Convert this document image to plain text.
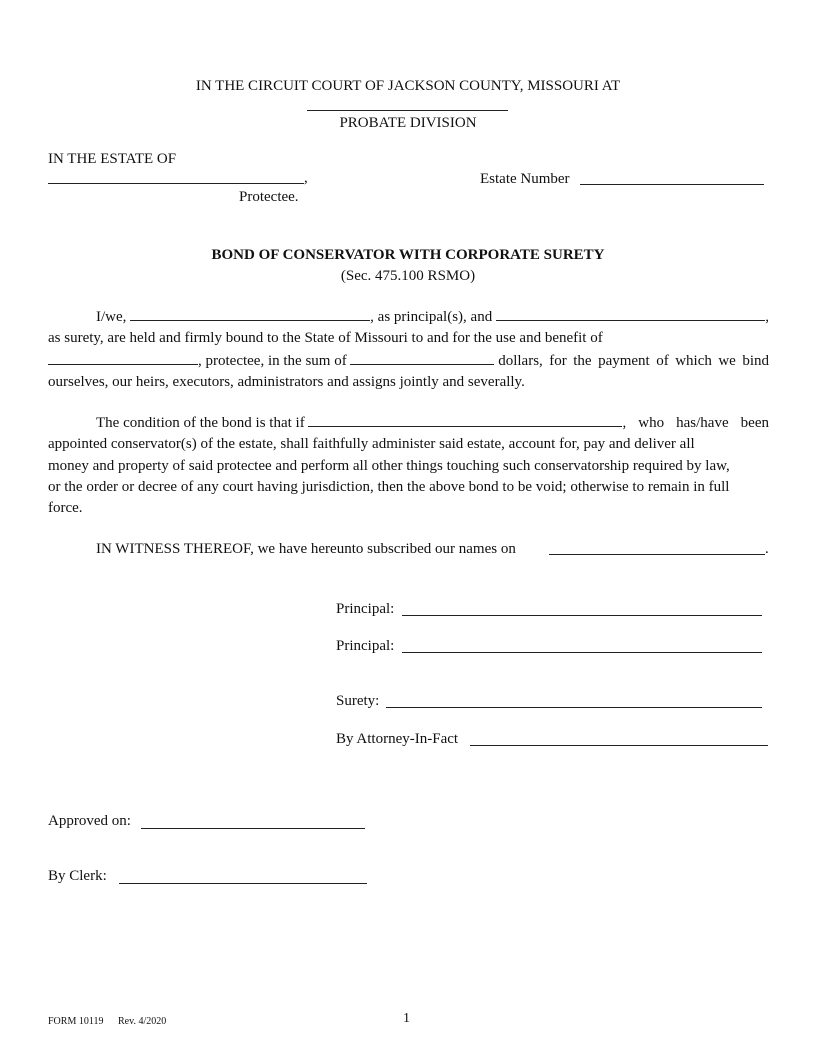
IN THE CIRCUIT COURT OF JACKSON COUNTY, MISSOURI AT
PROBATE DIVISION
IN THE ESTATE OF
,
Protectee.
Estate Number
BOND OF CONSERVATOR WITH CORPORATE SURETY
(Sec. 475.100 RSMO)
I/we,
	, as principal(s), and
	,
as surety, are held and firmly bound to the State of Missouri to and for the use and benefit of
, protectee, in the sum of

	dollars, for the payment of which we bind
ourselves, our heirs, executors, administrators and assigns jointly and severally.
The condition of the bond is that if
	, who has/have been
appointed conservator(s) of the estate, shall faithfully administer said estate, account for, pay and deliver all
money and property of said protectee and perform all other things touching such conservatorship required by law,
or the order or decree of any court having jurisdiction, then the above bond to be void; otherwise to remain in full
force.
IN WITNESS THEREOF, we have hereunto subscribed our names on	.
Principal:
Principal:
Surety:
By Attorney-In-Fact
Approved on:
By Clerk:
FORM 10119 Rev. 4/2020	1
